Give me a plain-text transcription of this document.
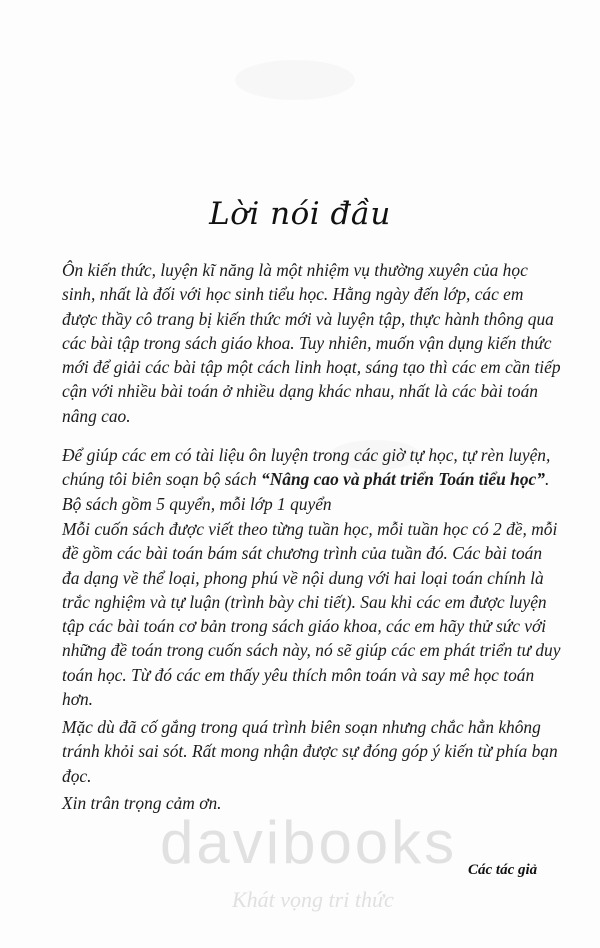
Lời nói đầu

Ôn kiến thức, luyện kĩ năng là một nhiệm vụ thường xuyên của học sinh, nhất là đối với học sinh tiểu học. Hằng ngày đến lớp, các em được thầy cô trang bị kiến thức mới và luyện tập, thực hành thông qua các bài tập trong sách giáo khoa. Tuy nhiên, muốn vận dụng kiến thức mới để giải các bài tập một cách linh hoạt, sáng tạo thì các em cần tiếp cận với nhiều bài toán ở nhiều dạng khác nhau, nhất là các bài toán nâng cao.

Để giúp các em có tài liệu ôn luyện trong các giờ tự học, tự rèn luyện, chúng tôi biên soạn bộ sách “Nâng cao và phát triển Toán tiểu học”. Bộ sách gồm 5 quyển, mỗi lớp 1 quyển

Mỗi cuốn sách được viết theo từng tuần học, mỗi tuần học có 2 đề, mỗi đề gồm các bài toán bám sát chương trình của tuần đó. Các bài toán đa dạng về thể loại, phong phú về nội dung với hai loại toán chính là trắc nghiệm và tự luận (trình bày chi tiết). Sau khi các em được luyện tập các bài toán cơ bản trong sách giáo khoa, các em hãy thử sức với những đề toán trong cuốn sách này, nó sẽ giúp các em phát triển tư duy toán học. Từ đó các em thấy yêu thích môn toán và say mê học toán hơn.

Mặc dù đã cố gắng trong quá trình biên soạn nhưng chắc hẳn không tránh khỏi sai sót. Rất mong nhận được sự đóng góp ý kiến từ phía bạn đọc.

Xin trân trọng cảm ơn.

davibooks
Khát vọng tri thức
Các tác giả
